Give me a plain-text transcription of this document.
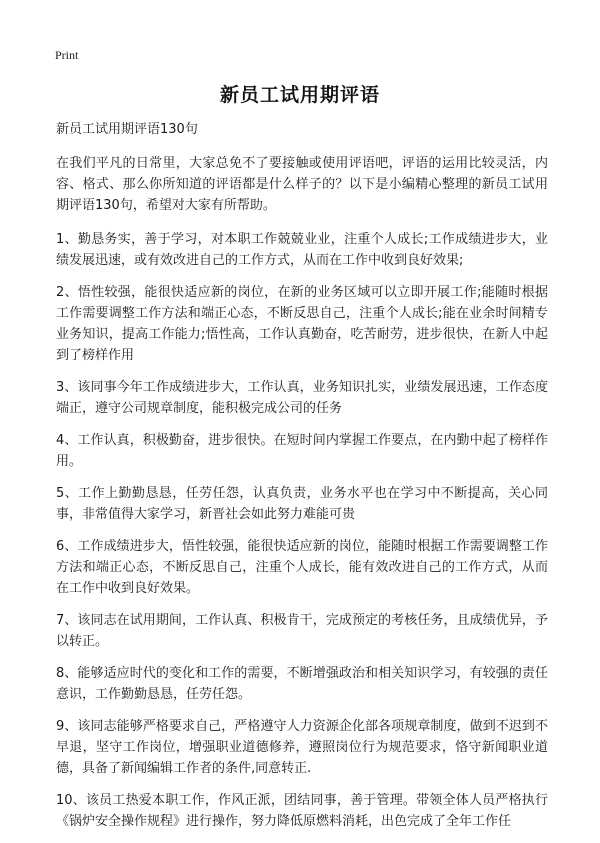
Print
新员工试用期评语

新员工试用期评语130句

在我们平凡的日常里，大家总免不了要接触或使用评语吧，评语的运用比较灵活，内容、格式、那么你所知道的评语都是什么样子的？以下是小编精心整理的新员工试用期评语130句，希望对大家有所帮助。

1、勤恳务实，善于学习，对本职工作兢兢业业，注重个人成长;工作成绩进步大，业绩发展迅速，或有效改进自己的工作方式，从而在工作中收到良好效果;

2、悟性较强，能很快适应新的岗位，在新的业务区域可以立即开展工作;能随时根据工作需要调整工作方法和端正心态，不断反思自己，注重个人成长;能在业余时间精专业务知识，提高工作能力;悟性高，工作认真勤奋，吃苦耐劳，进步很快，在新人中起到了榜样作用

3、该同事今年工作成绩进步大，工作认真，业务知识扎实，业绩发展迅速，工作态度端正，遵守公司规章制度，能积极完成公司的任务

4、工作认真，积极勤奋，进步很快。在短时间内掌握工作要点，在内勤中起了榜样作用。

5、工作上勤勤恳恳，任劳任怨，认真负责，业务水平也在学习中不断提高，关心同事，非常值得大家学习，新晋社会如此努力难能可贵

6、工作成绩进步大，悟性较强，能很快适应新的岗位，能随时根据工作需要调整工作方法和端正心态，不断反思自己，注重个人成长，能有效改进自己的工作方式，从而在工作中收到良好效果。

7、该同志在试用期间，工作认真、积极肯干，完成预定的考核任务，且成绩优异，予以转正。

8、能够适应时代的变化和工作的需要，不断增强政治和相关知识学习，有较强的责任意识，工作勤勤恳恳，任劳任怨。

9、该同志能够严格要求自己，严格遵守人力资源企化部各项规章制度，做到不迟到不早退，坚守工作岗位，增强职业道德修养，遵照岗位行为规范要求，恪守新闻职业道德，具备了新闻编辑工作者的条件,同意转正.

10、该员工热爱本职工作，作风正派，团结同事，善于管理。带领全体人员严格执行《锅炉安全操作规程》进行操作，努力降低原燃料消耗，出色完成了全年工作任
